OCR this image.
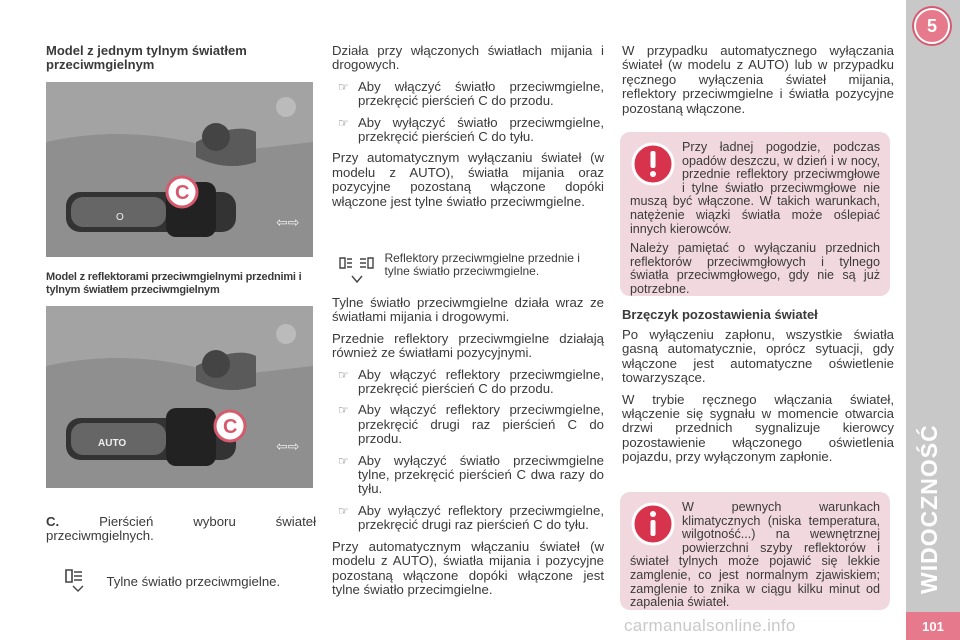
Model z jednym tylnym światłem przeciwmgielnym
O	⇦⇨
C
Model z reflektorami przeciwmgielnymi przednimi i tylnym światłem przeciwmgielnym
AUTO	⇦⇨
C
C.	Pierścień wyboru świateł przeciwmgielnych.
Tylne światło przeciwmgielne.

Działa przy włączonych światłach mijania i drogowych.

☞ Aby włączyć światło przeciwmgielne, przekręcić pierścień C do przodu.
☞ Aby wyłączyć światło przeciwmgielne, przekręcić pierścień C do tyłu.

Przy automatycznym wyłączaniu świateł (w modelu z AUTO), światła mijania oraz pozycyjne pozostaną włączone dopóki włączone jest tylne światło przeciwmgielne.

Reflektory przeciwmgielne przednie i tylne światło przeciwmgielne.

Tylne światło przeciwmgielne działa wraz ze światłami mijania i drogowymi.

Przednie reflektory przeciwmgielne działają również ze światłami pozycyjnymi.

☞ Aby włączyć reflektory przeciwmgielne, przekręcić pierścień C do przodu.
☞ Aby włączyć reflektory przeciwmgielne, przekręcić drugi raz pierścień C do przodu.
☞ Aby wyłączyć światło przeciwmgielne tylne, przekręcić pierścień C dwa razy do tyłu.
☞ Aby wyłączyć reflektory przeciwmgielne, przekręcić drugi raz pierścień C do tyłu.

Przy automatycznym włączaniu świateł (w modelu z AUTO), światła mijania i pozycyjne pozostaną włączone dopóki włączone jest tylne światło przecimgielne.

W przypadku automatycznego wyłączania świateł (w modelu z AUTO) lub w przypadku ręcznego wyłączenia świateł mijania, reflektory przeciwmgielne i światła pozycyjne pozostaną włączone.

Przy ładnej pogodzie, podczas opadów deszczu, w dzień i w nocy, przednie reflektory przeciwmgłowe i tylne światło przeciwmgłowe nie muszą być włączone. W takich warunkach, natężenie wiązki światła może oślepiać innych kierowców.

Należy pamiętać o wyłączaniu przednich reflektorów przeciwmgłowych i tylnego światła przeciwmgłowego, gdy nie są już potrzebne.

Brzęczyk pozostawienia świateł

Po wyłączeniu zapłonu, wszystkie światła gasną automatycznie, oprócz sytuacji, gdy włączone jest automatyczne oświetlenie towarzyszące.

W trybie ręcznego włączania świateł, włączenie się sygnału w momencie otwarcia drzwi przednich sygnalizuje kierowcy pozostawienie włączonego oświetlenia pojazdu, przy wyłączonym zapłonie.

W pewnych warunkach klimatycznych (niska temperatura, wilgotność...) na wewnętrznej powierzchni szyby reflektorów i świateł tylnych może pojawić się lekkie zamglenie, co jest normalnym zjawiskiem; zamglenie to znika w ciągu kilku minut od zapalenia świateł.

5
WIDOCZNOŚĆ
101
carmanualsonline.info
